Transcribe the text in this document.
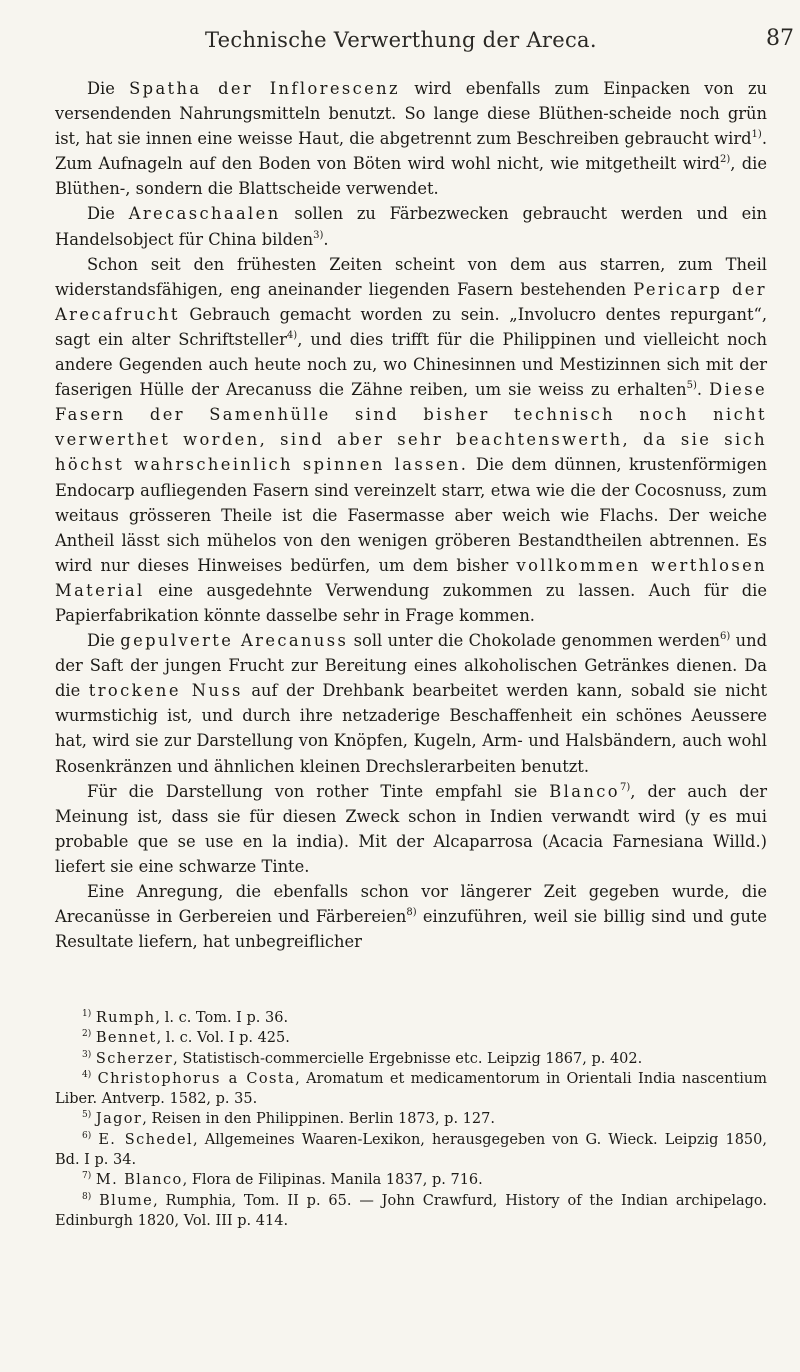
Technische Verwerthung der Areca.	87

Die Spatha der Inflorescenz wird ebenfalls zum Einpacken von zu versendenden Nahrungsmitteln benutzt. So lange diese Blüthen-scheide noch grün ist, hat sie innen eine weisse Haut, die abgetrennt zum Beschreiben gebraucht wird$^{1)}$. Zum Aufnageln auf den Boden von Böten wird wohl nicht, wie mitgetheilt wird$^{2)}$, die Blüthen-, sondern die Blattscheide verwendet.

Die Arecaschaalen sollen zu Färbezwecken gebraucht werden und ein Handelsobject für China bilden$^{3)}$.

Schon seit den frühesten Zeiten scheint von dem aus starren, zum Theil widerstandsfähigen, eng aneinander liegenden Fasern bestehenden Pericarp der Arecafrucht Gebrauch gemacht worden zu sein. „Involucro dentes repurgant“, sagt ein alter Schriftsteller$^{4)}$, und dies trifft für die Philippinen und vielleicht noch andere Gegenden auch heute noch zu, wo Chinesinnen und Mestizinnen sich mit der faserigen Hülle der Arecanuss die Zähne reiben, um sie weiss zu erhalten$^{5)}$. Diese Fasern der Samenhülle sind bisher technisch noch nicht verwerthet worden, sind aber sehr beachtenswerth, da sie sich höchst wahrscheinlich spinnen lassen. Die dem dünnen, krustenförmigen Endocarp aufliegenden Fasern sind vereinzelt starr, etwa wie die der Cocosnuss, zum weitaus grösseren Theile ist die Fasermasse aber weich wie Flachs. Der weiche Antheil lässt sich mühelos von den wenigen gröberen Bestandtheilen abtrennen. Es wird nur dieses Hinweises bedürfen, um dem bisher vollkommen werthlosen Material eine ausgedehnte Verwendung zukommen zu lassen. Auch für die Papierfabrikation könnte dasselbe sehr in Frage kommen.

Die gepulverte Arecanuss soll unter die Chokolade genommen werden$^{6)}$ und der Saft der jungen Frucht zur Bereitung eines alkoholischen Getränkes dienen. Da die trockene Nuss auf der Drehbank bearbeitet werden kann, sobald sie nicht wurmstichig ist, und durch ihre netzaderige Beschaffenheit ein schönes Aeussere hat, wird sie zur Darstellung von Knöpfen, Kugeln, Arm- und Halsbändern, auch wohl Rosenkränzen und ähnlichen kleinen Drechslerarbeiten benutzt.

Für die Darstellung von rother Tinte empfahl sie Blanco$^{7)}$, der auch der Meinung ist, dass sie für diesen Zweck schon in Indien verwandt wird (y es mui probable que se use en la india). Mit der Alcaparrosa (Acacia Farnesiana Willd.) liefert sie eine schwarze Tinte.

Eine Anregung, die ebenfalls schon vor längerer Zeit gegeben wurde, die Arecanüsse in Gerbereien und Färbereien$^{8)}$ einzuführen, weil sie billig sind und gute Resultate liefern, hat unbegreiflicher

$^{1)}$ Rumph, l. c. Tom. I p. 36.

$^{2)}$ Bennet, l. c. Vol. I p. 425.

$^{3)}$ Scherzer, Statistisch-commercielle Ergebnisse etc. Leipzig 1867, p. 402.

$^{4)}$ Christophorus a Costa, Aromatum et medicamentorum in Orientali India nascentium Liber. Antverp. 1582, p. 35.

$^{5)}$ Jagor, Reisen in den Philippinen. Berlin 1873, p. 127.

$^{6)}$ E. Schedel, Allgemeines Waaren-Lexikon, herausgegeben von G. Wieck. Leipzig 1850, Bd. I p. 34.

$^{7)}$ M. Blanco, Flora de Filipinas. Manila 1837, p. 716.

$^{8)}$ Blume, Rumphia, Tom. II p. 65. — John Crawfurd, History of the Indian archipelago. Edinburgh 1820, Vol. III p. 414.
